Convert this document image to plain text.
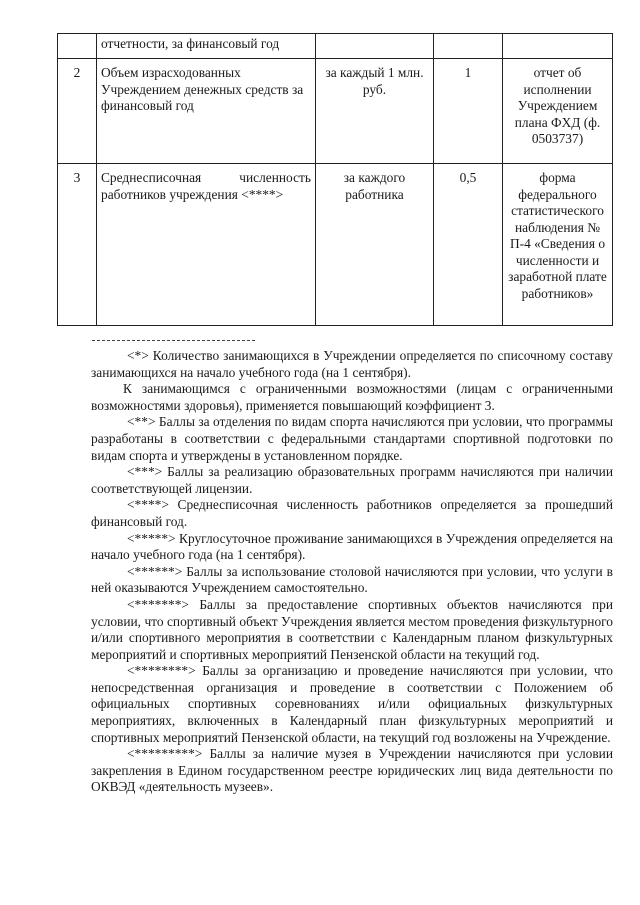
	отчетности, за финансовый год			
2	Объем израсходованных Учреждением денежных средств за финансовый год	за каждый 1 млн. руб.	1	отчет об исполнении Учреждением плана ФХД (ф. 0503737)
3	Среднесписочная численность работников учреждения <****>	за каждого работника	0,5	форма федерального статистического наблюдения № П-4 «Сведения о численности и заработной плате работников»

<*> Количество занимающихся в Учреждении определяется по списочному составу занимающихся на начало учебного года (на 1 сентября).

К занимающимся с ограниченными возможностями (лицам с ограниченными возможностями здоровья), применяется повышающий коэффициент 3.

<**> Баллы за отделения по видам спорта начисляются при условии, что программы разработаны в соответствии с федеральными стандартами спортивной подготовки по видам спорта и утверждены в установленном порядке.

<***> Баллы за реализацию образовательных программ начисляются при наличии соответствующей лицензии.

<****> Среднесписочная численность работников определяется за прошедший финансовый год.

<*****> Круглосуточное проживание занимающихся в Учреждения определяется на начало учебного года (на 1 сентября).

<******> Баллы за использование столовой начисляются при условии, что услуги в ней оказываются Учреждением самостоятельно.

<*******> Баллы за предоставление спортивных объектов начисляются при условии, что спортивный объект Учреждения является местом проведения физкультурного и/или спортивного мероприятия в соответствии с Календарным планом физкультурных мероприятий и спортивных мероприятий Пензенской области на текущий год.

<********> Баллы за организацию и проведение начисляются при условии, что непосредственная организация и проведение в соответствии с Положением об официальных спортивных соревнованиях и/или официальных физкультурных мероприятиях, включенных в Календарный план физкультурных мероприятий и спортивных мероприятий Пензенской области, на текущий год возложены на Учреждение.

<*********> Баллы за наличие музея в Учреждении начисляются при условии закрепления в Едином государственном реестре юридических лиц вида деятельности по ОКВЭД «деятельность музеев».
